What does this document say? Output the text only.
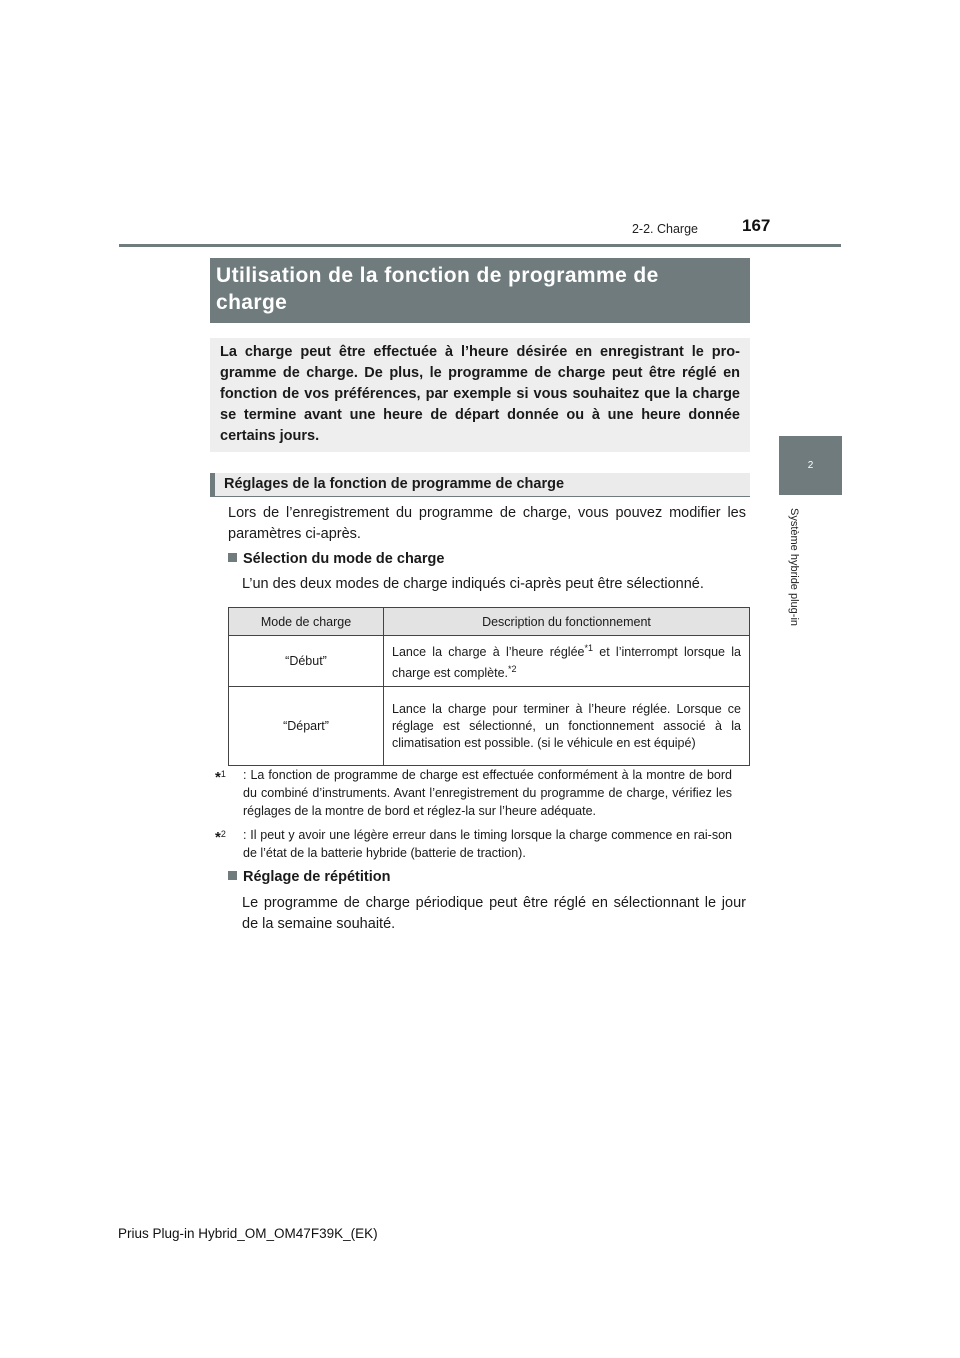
2-2. Charge	167
2
Système hybride plug-in
Utilisation de la fonction de programme de
charge
La charge peut être effectuée à l’heure désirée en enregistrant le pro-gramme de charge. De plus, le programme de charge peut être réglé en fonction de vos préférences, par exemple si vous souhaitez que la charge se termine avant une heure de départ donnée ou à une heure donnée certains jours.
Réglages de la fonction de programme de charge
Lors de l’enregistrement du programme de charge, vous pouvez modifier les paramètres ci-après.
Sélection du mode de charge
L’un des deux modes de charge indiqués ci-après peut être sélectionné.
Mode de charge	Description du fonctionnement
“Début”	Lance la charge à l’heure réglée$^{*1}$ et l’interrompt lorsque la charge est complète.$^{*2}$
“Départ”	Lance la charge pour terminer à l’heure réglée. Lorsque ce réglage est sélectionné, un fonctionnement associé à la climatisation est possible. (si le véhicule en est équipé)
*$^1$ : La fonction de programme de charge est effectuée conformément à la montre de bord du combiné d’instruments. Avant l’enregistrement du programme de charge, vérifiez les réglages de la montre de bord et réglez-la sur l’heure adéquate.
*$^2$ : Il peut y avoir une légère erreur dans le timing lorsque la charge commence en rai-son de l’état de la batterie hybride (batterie de traction).
Réglage de répétition
Le programme de charge périodique peut être réglé en sélectionnant le jour de la semaine souhaité.
Prius Plug-in Hybrid_OM_OM47F39K_(EK)
